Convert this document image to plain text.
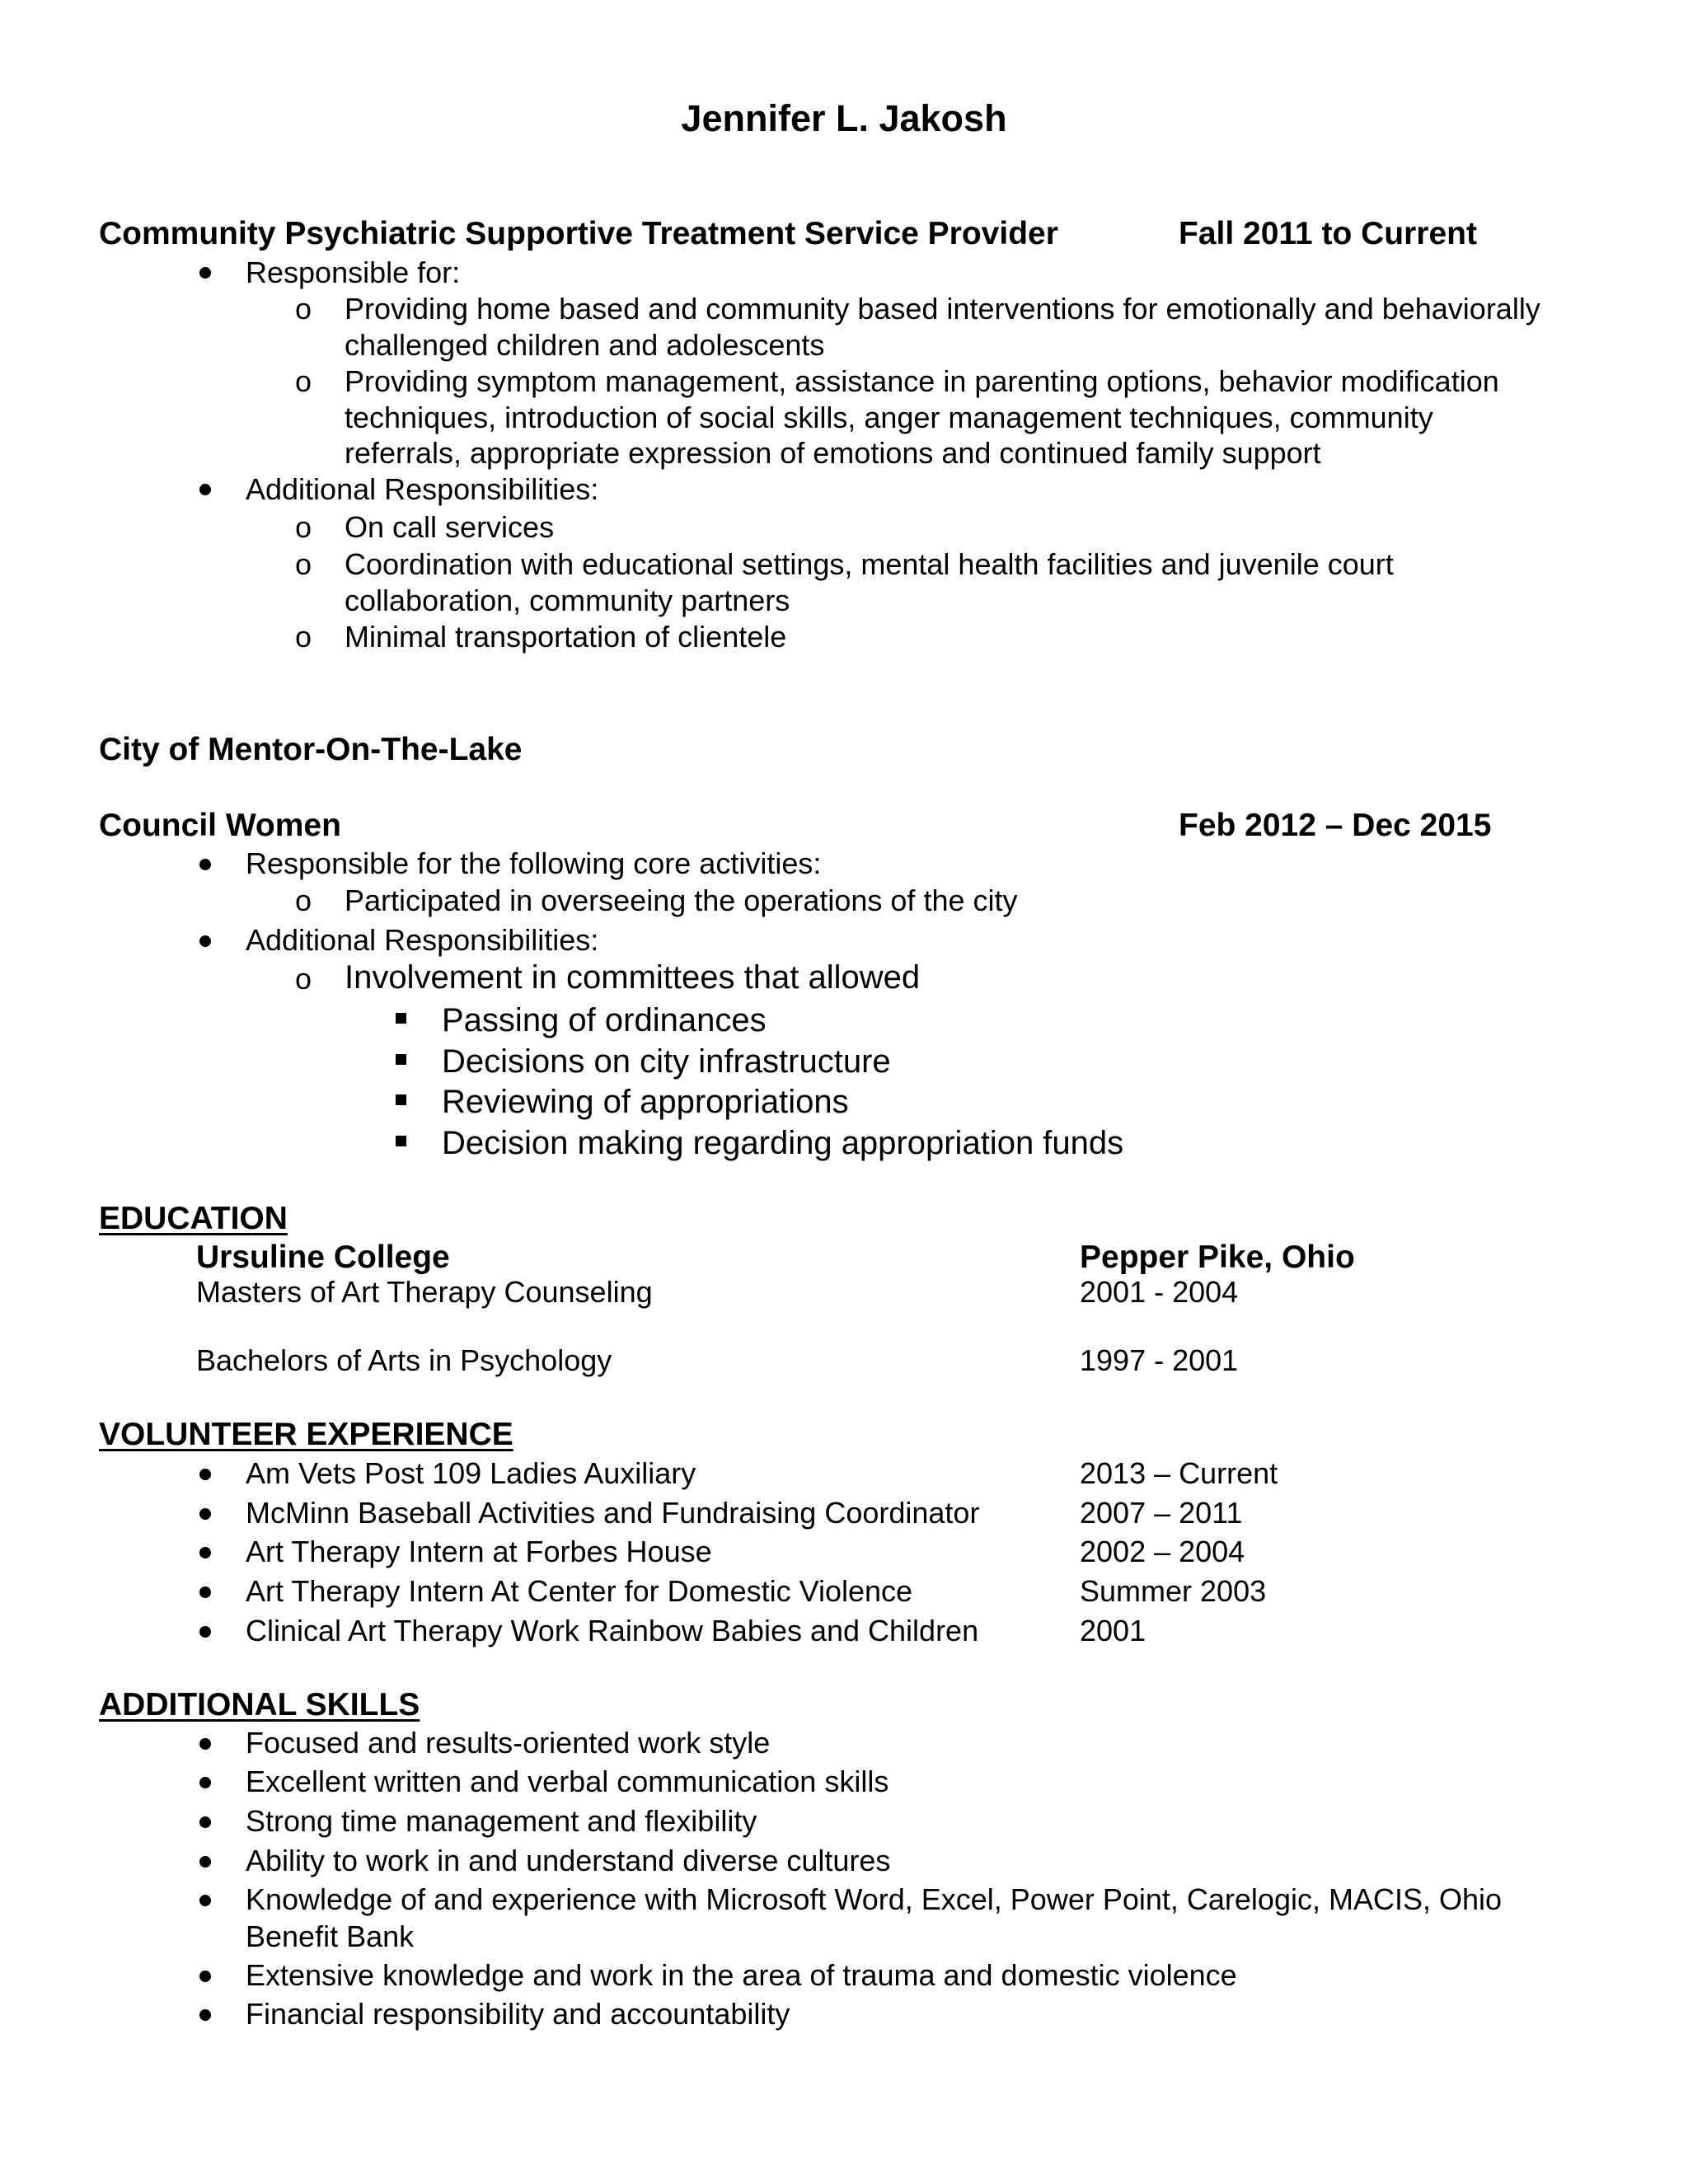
Jennifer L. Jakosh
Community Psychiatric Supportive Treatment Service Provider	Fall 2011 to Current
Responsible for:
o Providing home based and community based interventions for emotionally and behaviorally
challenged children and adolescents
o Providing symptom management, assistance in parenting options, behavior modification
techniques, introduction of social skills, anger management techniques, community
referrals, appropriate expression of emotions and continued family support
Additional Responsibilities:
o On call services
o Coordination with educational settings, mental health facilities and juvenile court
collaboration, community partners
o Minimal transportation of clientele
City of Mentor-On-The-Lake
Council Women	Feb 2012 – Dec 2015
Responsible for the following core activities:
o Participated in overseeing the operations of the city
Additional Responsibilities:
o Involvement in committees that allowed
Passing of ordinances
Decisions on city infrastructure
Reviewing of appropriations
Decision making regarding appropriation funds
EDUCATION
Ursuline College	Pepper Pike, Ohio
Masters of Art Therapy Counseling	2001 - 2004
Bachelors of Arts in Psychology	1997 - 2001
VOLUNTEER EXPERIENCE
Am Vets Post 109 Ladies Auxiliary	2013 – Current
McMinn Baseball Activities and Fundraising Coordinator	2007 – 2011
Art Therapy Intern at Forbes House	2002 – 2004
Art Therapy Intern At Center for Domestic Violence	Summer 2003
Clinical Art Therapy Work Rainbow Babies and Children	2001
ADDITIONAL SKILLS
Focused and results-oriented work style
Excellent written and verbal communication skills
Strong time management and flexibility
Ability to work in and understand diverse cultures
Knowledge of and experience with Microsoft Word, Excel, Power Point, Carelogic, MACIS, Ohio
Benefit Bank
Extensive knowledge and work in the area of trauma and domestic violence
Financial responsibility and accountability
